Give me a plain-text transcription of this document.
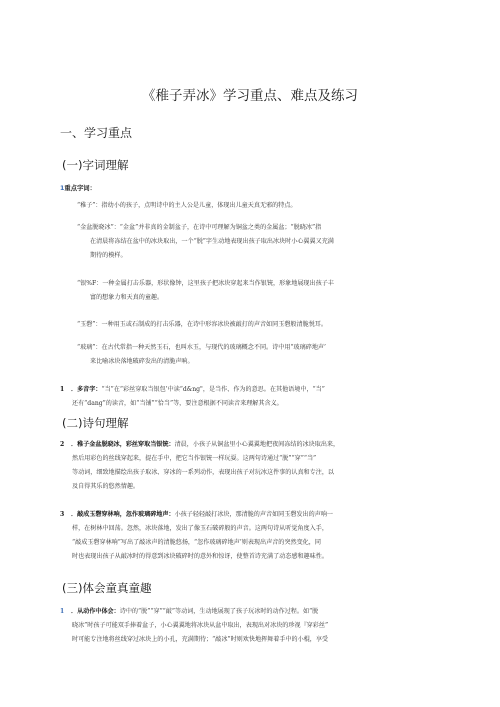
《稚子弄冰》学习重点、难点及练习
一、学习重点
(一)字词理解
1重点字词：
“稚子”：指幼小的孩子，点明诗中的主人公是儿童，体现出儿童天真无邪的特点。
“金盆脱晓冰”：“金盆”并非真的金制盆子，在诗中可理解为铜盆之类的金属盆；“脱晓冰”指
在清晨将冻结在盆中的冰块取出，一个“脱”字生动地表现出孩子取出冰块时小心翼翼又充满
期待的模样。
“银%F：一种金属打击乐器，形状像钟，这里孩子把冰块穿起来当作银铳，形象地展现出孩子丰
富的想象力和天真的童趣。
“玉磬”：一种用玉或石制成的打击乐器，在诗中形容冰块被敲打的声音如同玉磬般清脆悦耳。
“玻璃”：在古代常指一种天然玉石，也叫水玉，与现代的玻璃概念不同。诗中用“玻璃碎地声’
来比喻冰块落地破碎发出的清脆声响。
1 ．多音字：“当”在“彩丝穿取当银包’中读“d&ng"，是当作、作为的意思。在其他语境中，“当”
还有“dang”的读音，如“当铺”“恰当”等，要注意根据不同读音来理解其含义。
(二)诗句理解
2 ．稚子金盆脱晓冰，彩丝穿取当银铳：清晨，小孩子从铜盆里小心翼翼地把夜间冻结的冰块取出来，
然后用彩色的丝线穿起来，提在手中，把它当作银铳一样玩耍。这两句诗通过“脱”“穿”“当”
等动词，细致地描绘出孩子取冰、穿冰的一系列动作，表现出孩子对玩冰这件事的认真和专注，以
及自得其乐的悠然情趣。
3 ．敲成玉磬穿林响，忽作玻璃碎地声：小孩子轻轻敲打冰块，那清脆的声音如同玉磬发出的声响一
样，在树林中回荡。忽然，冰块落地，发出了像玉石破碎般的声音。这两句诗从听觉角度入手，
“敲成玉磬穿林响”写出了敲冰声的清脆悠扬，“忽作玻璃碎地声’则表现出声音的突然变化，同
时也表现出孩子从敲冰时的得意到冰块破碎时的意外和惊讶，使整首诗充满了动态感和趣味性。
(三)体会童真童趣
1 ．从动作中体会：诗中的“脱”“穿”“敲”等动词，生动地展现了孩子玩冰时的动作过程。如“脱
晓冰”时孩子可能双手捧着盆子，小心翼翼地将冰块从盆中取出，表现出对冰块的珍视『穿彩丝”
时可能专注地将丝线穿过冰块上的小孔，充满期待；“敲冰”时则欢快地挥舞着手中的小棍，享受
